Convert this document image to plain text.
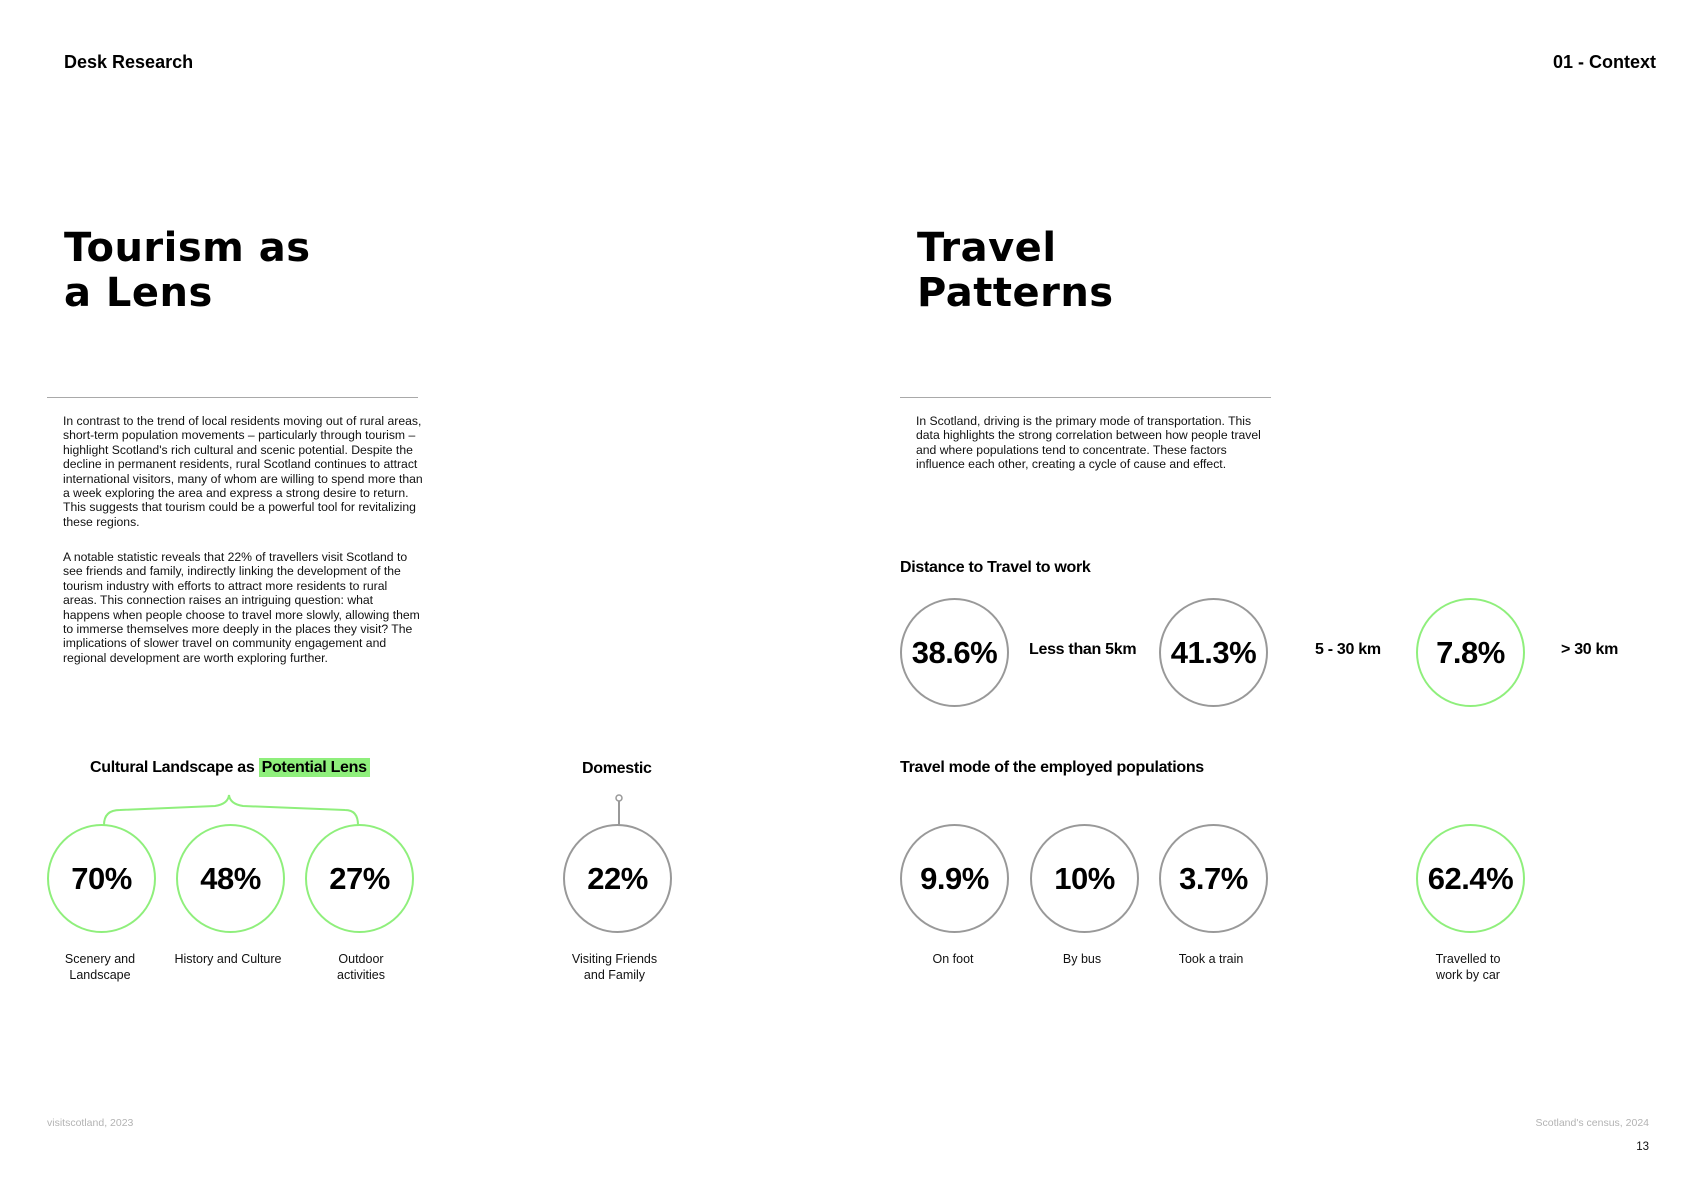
Desk Research	01 - Context
Tourism as
a Lens

In contrast to the trend of local residents moving out of rural areas, short-term population movements – particularly through tourism – highlight Scotland's rich cultural and scenic potential. Despite the decline in permanent residents, rural Scotland continues to attract international visitors, many of whom are willing to spend more than a week exploring the area and express a strong desire to return. This suggests that tourism could be a powerful tool for revitalizing these regions.

A notable statistic reveals that 22% of travellers visit Scotland to see friends and family, indirectly linking the development of the tourism industry with efforts to attract more residents to rural areas. This connection raises an intriguing question: what happens when people choose to travel more slowly, allowing them to immerse themselves more deeply in the places they visit? The implications of slower travel on community engagement and regional development are worth exploring further.

Cultural Landscape as Potential Lens	Domestic
70%	48%	27%	22%
Scenery and Landscape
History and Culture	Outdoor activities
Visiting Friends and Family
visitscotland, 2023
Travel
Patterns

In Scotland, driving is the primary mode of transportation. This data highlights the strong correlation between how people travel and where populations tend to concentrate. These factors influence each other, creating a cycle of cause and effect.

Distance to Travel to work
38.6%	Less than 5km	41.3%	5 - 30 km	7.8%	> 30 km
Travel mode of the employed populations
9.9%	10%	3.7%	62.4%
On foot	By bus	Took a train	Travelled to work by car
Scotland's census, 2024
13
